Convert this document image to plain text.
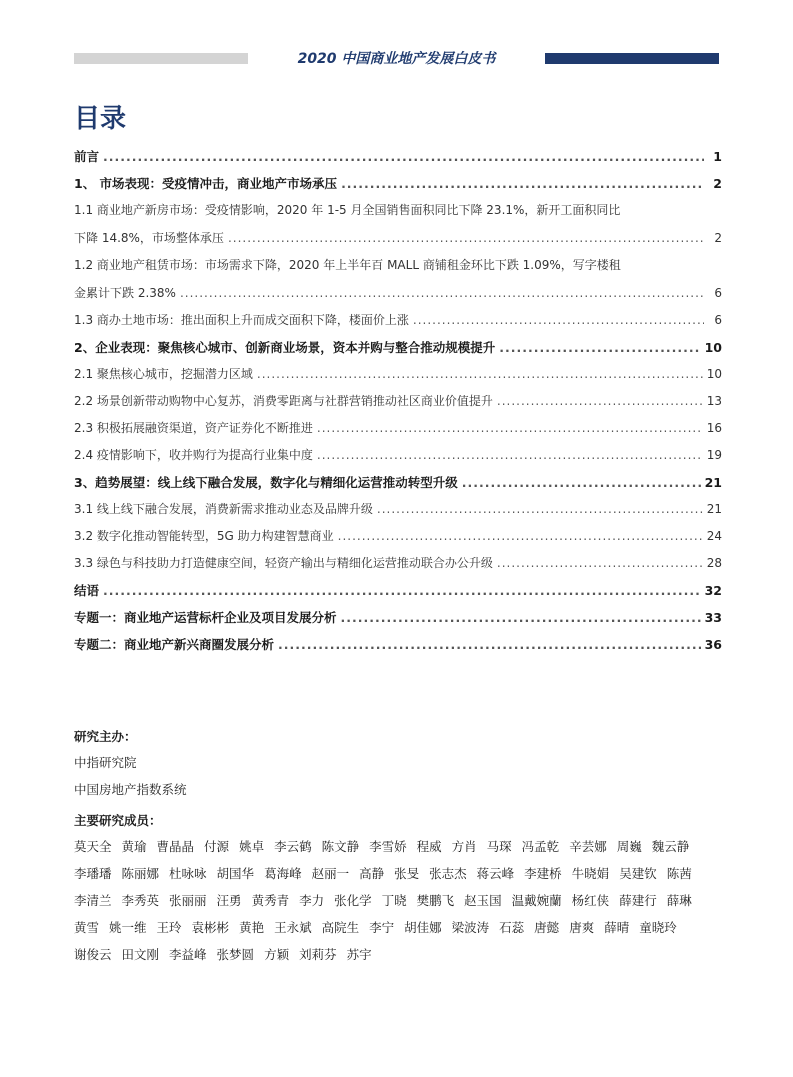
2020 中国商业地产发展白皮书
目录
前言 .....	1
1、 市场表现：受疫情冲击，商业地产市场承压 .....	2
1.1 商业地产新房市场：受疫情影响，2020 年 1-5 月全国销售面积同比下降 23.1%，新开工面积同比
下降 14.8%，市场整体承压 .....	2
1.2 商业地产租赁市场：市场需求下降，2020 年上半年百 MALL 商铺租金环比下跌 1.09%，写字楼租
金累计下跌 2.38% .....	6
1.3 商办土地市场：推出面积上升而成交面积下降，楼面价上涨 .....	6
2、企业表现：聚焦核心城市、创新商业场景，资本并购与整合推动规模提升 .....	10
2.1 聚焦核心城市，挖掘潜力区域 .....	10
2.2 场景创新带动购物中心复苏，消费零距离与社群营销推动社区商业价值提升 .....	13
2.3 积极拓展融资渠道，资产证券化不断推进 .....	16
2.4 疫情影响下，收并购行为提高行业集中度 .....	19
3、趋势展望：线上线下融合发展，数字化与精细化运营推动转型升级 .....	21
3.1 线上线下融合发展，消费新需求推动业态及品牌升级 .....	21
3.2 数字化推动智能转型，5G 助力构建智慧商业 .....	24
3.3 绿色与科技助力打造健康空间，轻资产输出与精细化运营推动联合办公升级 .....	28
结语 .....	32
专题一：商业地产运营标杆企业及项目发展分析 .....	33
专题二：商业地产新兴商圈发展分析 .....	36
研究主办：
中指研究院
中国房地产指数系统
主要研究成员：
莫天全 黄瑜 曹晶晶 付源 姚卓 李云鹤 陈文静 李雪娇 程威 方肖 马琛 冯孟乾 辛芸娜 周巍 魏云静
李璠璠 陈丽娜 杜咏咏 胡国华 葛海峰 赵丽一 高静 张旻 张志杰 蒋云峰 李建桥 牛晓娟 吴建钦 陈茜
李清兰 李秀英 张丽丽 汪勇 黄秀青 李力 张化学 丁晓 樊鹏飞 赵玉国 温戴婉蘭 杨红侠 薛建行 薛琳
黄雪 姚一维 王玲 袁彬彬 黄艳 王永斌 高院生 李宁 胡佳娜 梁波涛 石蕊 唐懿 唐爽 薛晴 童晓玲
谢俊云 田文刚 李益峰 张梦圆 方颖 刘莉芬 苏宇
